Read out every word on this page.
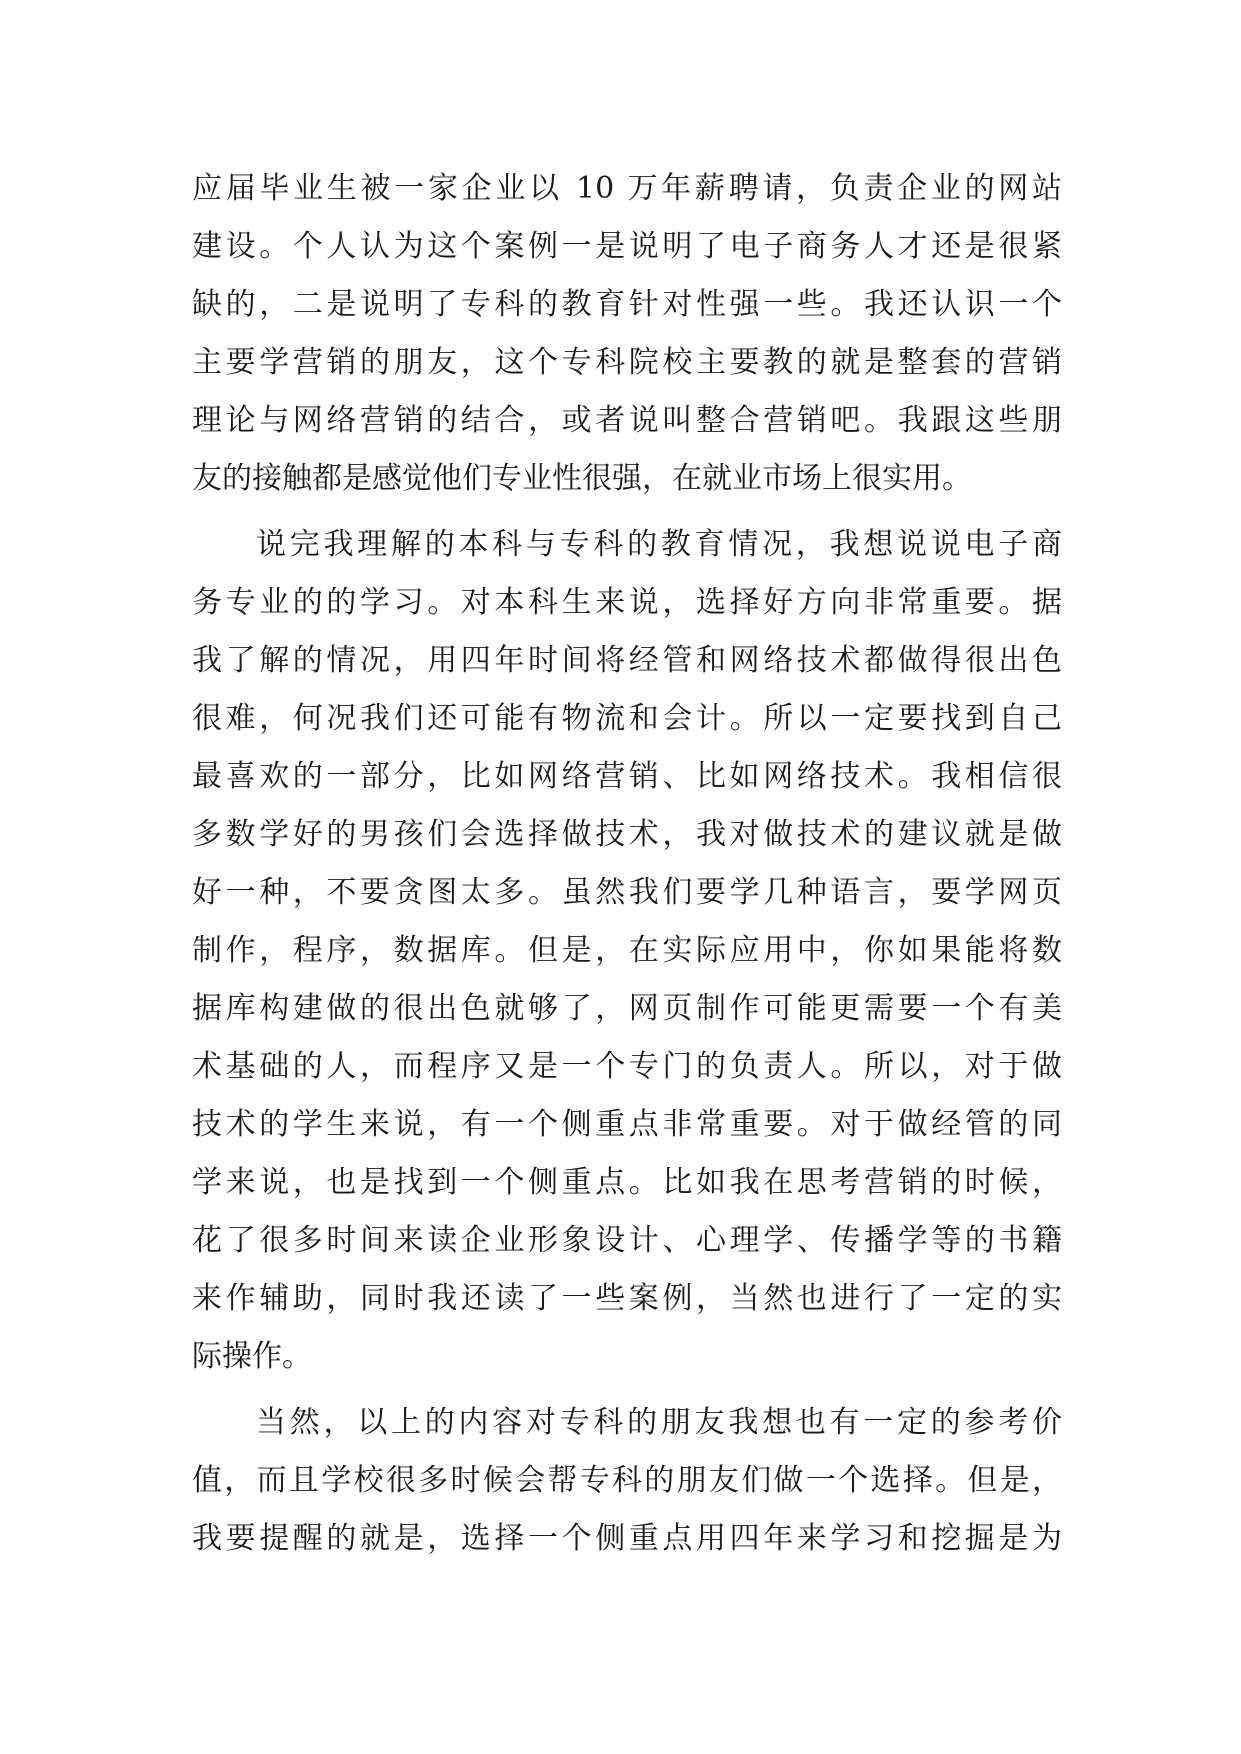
应届毕业生被一家企业以 10 万年薪聘请，负责企业的网站
建设。个人认为这个案例一是说明了电子商务人才还是很紧
缺的，二是说明了专科的教育针对性强一些。我还认识一个
主要学营销的朋友，这个专科院校主要教的就是整套的营销
理论与网络营销的结合，或者说叫整合营销吧。我跟这些朋
友的接触都是感觉他们专业性很强，在就业市场上很实用。
说完我理解的本科与专科的教育情况，我想说说电子商
务专业的的学习。对本科生来说，选择好方向非常重要。据
我了解的情况，用四年时间将经管和网络技术都做得很出色
很难，何况我们还可能有物流和会计。所以一定要找到自己
最喜欢的一部分，比如网络营销、比如网络技术。我相信很
多数学好的男孩们会选择做技术，我对做技术的建议就是做
好一种，不要贪图太多。虽然我们要学几种语言，要学网页
制作，程序，数据库。但是，在实际应用中，你如果能将数
据库构建做的很出色就够了，网页制作可能更需要一个有美
术基础的人，而程序又是一个专门的负责人。所以，对于做
技术的学生来说，有一个侧重点非常重要。对于做经管的同
学来说，也是找到一个侧重点。比如我在思考营销的时候，
花了很多时间来读企业形象设计、心理学、传播学等的书籍
来作辅助，同时我还读了一些案例，当然也进行了一定的实
际操作。
当然，以上的内容对专科的朋友我想也有一定的参考价
值，而且学校很多时候会帮专科的朋友们做一个选择。但是，
我要提醒的就是，选择一个侧重点用四年来学习和挖掘是为
